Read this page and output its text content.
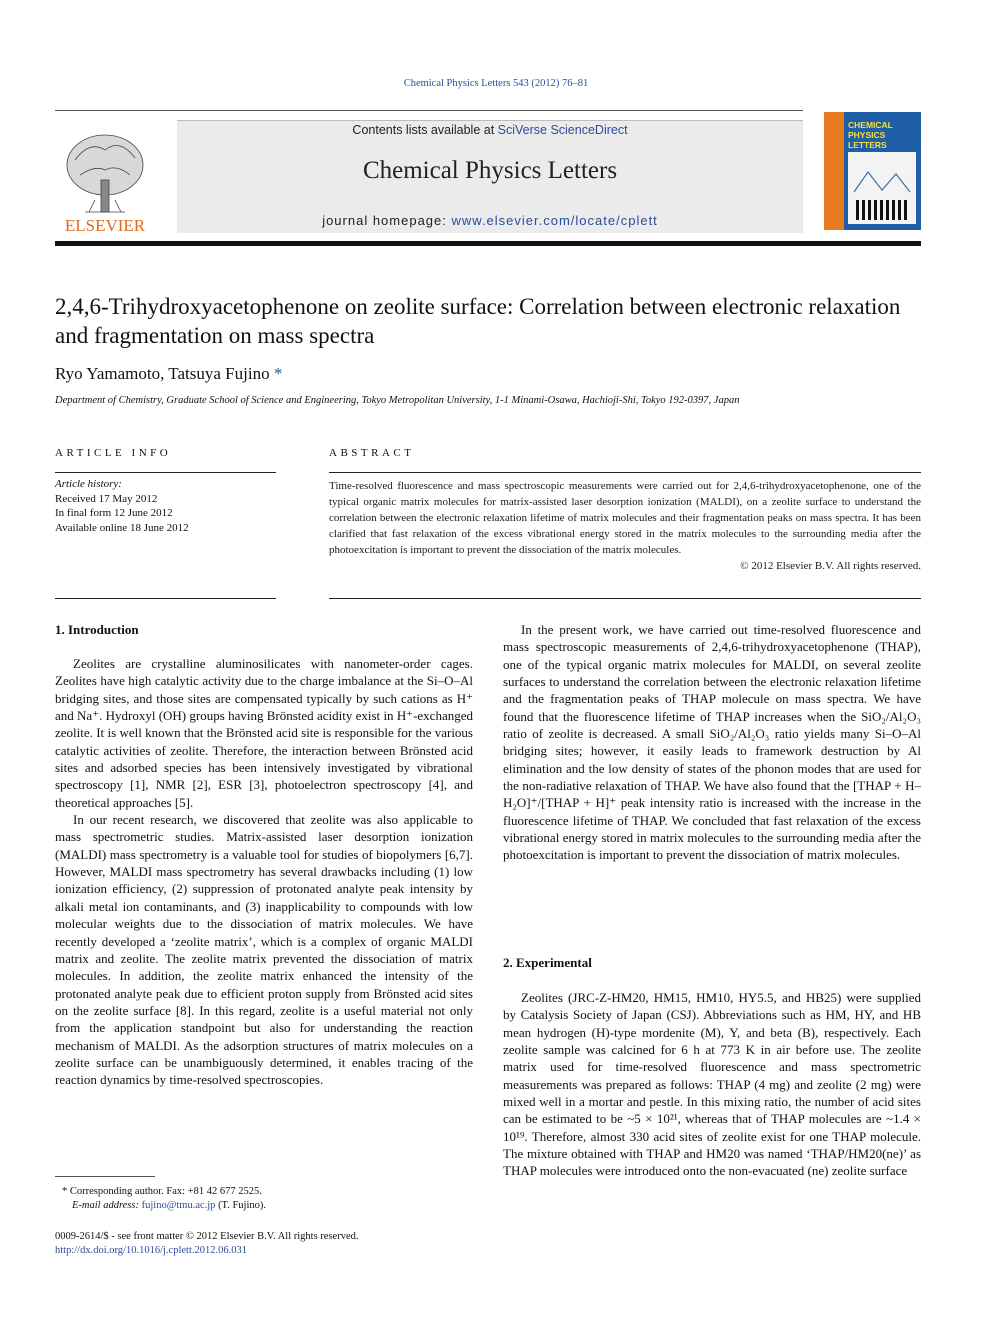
Chemical Physics Letters 543 (2012) 76–81
ELSEVIER
Contents lists available at SciVerse ScienceDirect
Chemical Physics Letters
journal homepage: www.elsevier.com/locate/cplett
CHEMICAL
PHYSICS
LETTERS
2,4,6-Trihydroxyacetophenone on zeolite surface: Correlation between electronic relaxation and fragmentation on mass spectra
Ryo Yamamoto, Tatsuya Fujino *
Department of Chemistry, Graduate School of Science and Engineering, Tokyo Metropolitan University, 1-1 Minami-Osawa, Hachioji-Shi, Tokyo 192-0397, Japan
ARTICLE INFO
Article history:
Received 17 May 2012
In final form 12 June 2012
Available online 18 June 2012
ABSTRACT
Time-resolved fluorescence and mass spectroscopic measurements were carried out for 2,4,6-trihydroxyacetophenone, one of the typical organic matrix molecules for matrix-assisted laser desorption ionization (MALDI), on a zeolite surface to understand the correlation between the electronic relaxation lifetime of matrix molecules and their fragmentation peaks on mass spectra. It has been clarified that fast relaxation of the excess vibrational energy stored in the matrix molecules to the surrounding media after the photoexcitation is important to prevent the dissociation of the matrix molecules.
© 2012 Elsevier B.V. All rights reserved.
1. Introduction

Zeolites are crystalline aluminosilicates with nanometer-order cages. Zeolites have high catalytic activity due to the charge imbalance at the Si–O–Al bridging sites, and those sites are compensated typically by such cations as H⁺ and Na⁺. Hydroxyl (OH) groups having Brönsted acidity exist in H⁺-exchanged zeolite. It is well known that the Brönsted acid site is responsible for the various catalytic activities of zeolite. Therefore, the interaction between Brönsted acid sites and adsorbed species has been intensively investigated by vibrational spectroscopy [1], NMR [2], ESR [3], photoelectron spectroscopy [4], and theoretical approaches [5].

In our recent research, we discovered that zeolite was also applicable to mass spectrometric studies. Matrix-assisted laser desorption ionization (MALDI) mass spectrometry is a valuable tool for studies of biopolymers [6,7]. However, MALDI mass spectrometry has several drawbacks including (1) low ionization efficiency, (2) suppression of protonated analyte peak intensity by alkali metal ion contaminants, and (3) inapplicability to compounds with low molecular weights due to the dissociation of matrix molecules. We have recently developed a ‘zeolite matrix’, which is a complex of organic MALDI matrix and zeolite. The zeolite matrix prevented the dissociation of matrix molecules. In addition, the zeolite matrix enhanced the intensity of the protonated analyte peak due to efficient proton supply from Brönsted acid sites on the zeolite surface [8]. In this regard, zeolite is a useful material not only from the application standpoint but also for understanding the reaction mechanism of MALDI. As the adsorption structures of matrix molecules on a zeolite surface can be unambiguously determined, it enables tracing of the reaction dynamics by time-resolved spectroscopies.

In the present work, we have carried out time-resolved fluorescence and mass spectroscopic measurements of 2,4,6-trihydroxyacetophenone (THAP), one of the typical organic matrix molecules for MALDI, on several zeolite surfaces to understand the correlation between the electronic relaxation lifetime and the fragmentation peaks of THAP molecule on mass spectra. We have found that the fluorescence lifetime of THAP increases when the SiO₂/Al₂O₃ ratio of zeolite is decreased. A small SiO₂/Al₂O₃ ratio yields many Si–O–Al bridging sites; however, it easily leads to framework destruction by Al elimination and the low density of states of the phonon modes that are used for the non-radiative relaxation of THAP. We have also found that the [THAP + H–H₂O]⁺/[THAP + H]⁺ peak intensity ratio is increased with the increase in the fluorescence lifetime of THAP. We concluded that fast relaxation of the excess vibrational energy stored in matrix molecules to the surrounding media after the photoexcitation is important to prevent the dissociation of matrix molecules.

2. Experimental

Zeolites (JRC-Z-HM20, HM15, HM10, HY5.5, and HB25) were supplied by Catalysis Society of Japan (CSJ). Abbreviations such as HM, HY, and HB mean hydrogen (H)-type mordenite (M), Y, and beta (B), respectively. Each zeolite sample was calcined for 6 h at 773 K in air before use. The zeolite matrix used for time-resolved fluorescence and mass spectrometric measurements was prepared as follows: THAP (4 mg) and zeolite (2 mg) were mixed well in a mortar and pestle. In this mixing ratio, the number of acid sites can be estimated to be ~5 × 10²¹, whereas that of THAP molecules are ~1.4 × 10¹⁹. Therefore, almost 330 acid sites of zeolite exist for one THAP molecule. The mixture obtained with THAP and HM20 was named ‘THAP/HM20(ne)’ as THAP molecules were introduced onto the non-evacuated (ne) zeolite surface

* Corresponding author. Fax: +81 42 677 2525.
E-mail address: fujino@tmu.ac.jp (T. Fujino).
0009-2614/$ - see front matter © 2012 Elsevier B.V. All rights reserved.
http://dx.doi.org/10.1016/j.cplett.2012.06.031
